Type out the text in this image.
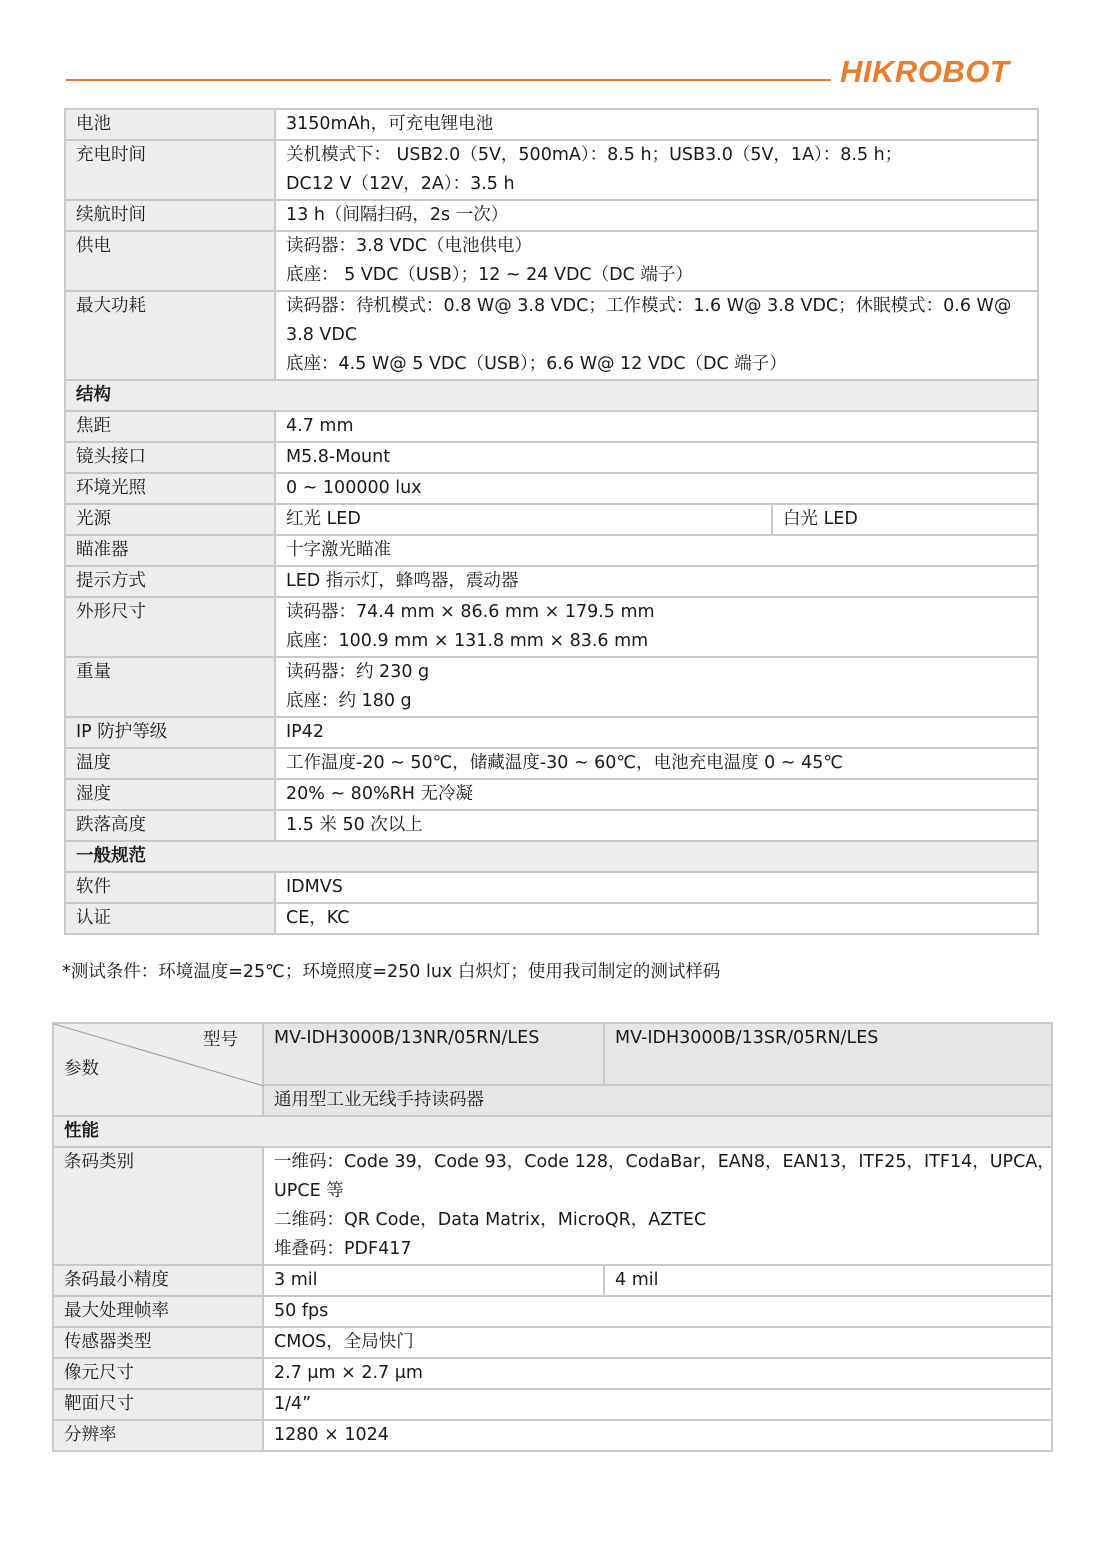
HIKROBOT
电池	3150mAh，可充电锂电池	

充电时间	关机模式下： USB2.0（5V，500mA）：8.5 h；USB3.0（5V，1A）：8.5 h；
DC12 V（12V，2A）：3.5 h	

续航时间	13 h（间隔扫码，2s 一次）	

供电	读码器：3.8 VDC（电池供电）
底座： 5 VDC（USB）；12 ~ 24 VDC（DC 端子）	

最大功耗	读码器：待机模式：0.8 W@ 3.8 VDC；工作模式：1.6 W@ 3.8 VDC；休眠模式：0.6 W@
3.8 VDC
底座：4.5 W@ 5 VDC（USB）；6.6 W@ 12 VDC（DC 端子）	

结构		
焦距	4.7 mm	
镜头接口	M5.8-Mount	
环境光照	0 ~ 100000 lux	
光源	红光 LED	白光 LED
瞄准器	十字激光瞄准	

提示方式	LED 指示灯，蜂鸣器，震动器	

外形尺寸	读码器：74.4 mm × 86.6 mm × 179.5 mm
底座：100.9 mm × 131.8 mm × 83.6 mm	

重量	读码器：约 230 g
底座：约 180 g	

IP 防护等级	IP42	

温度	工作温度-20 ~ 50℃，储藏温度-30 ~ 60℃，电池充电温度 0 ~ 45℃	

湿度	20% ~ 80%RH 无冷凝	

跌落高度	1.5 米 50 次以上	

一般规范		
软件	IDMVS	
认证	CE，KC	
*测试条件：环境温度=25℃；环境照度=250 lux 白炽灯；使用我司制定的测试样码
型号
参数	MV-IDH3000B/13NR/05RN/LES	MV-IDH3000B/13SR/05RN/LES
	通用型工业无线手持读码器	
性能		
条码类别	一维码：Code 39，Code 93，Code 128，CodaBar，EAN8，EAN13，ITF25，ITF14，UPCA，
UPCE 等
二维码：QR Code，Data Matrix，MicroQR，AZTEC
堆叠码：PDF417	

条码最小精度	3 mil	4 mil
最大处理帧率	50 fps	
传感器类型	CMOS，全局快门	
像元尺寸	2.7 μm × 2.7 μm	
靶面尺寸	1/4”	
分辨率	1280 × 1024	
